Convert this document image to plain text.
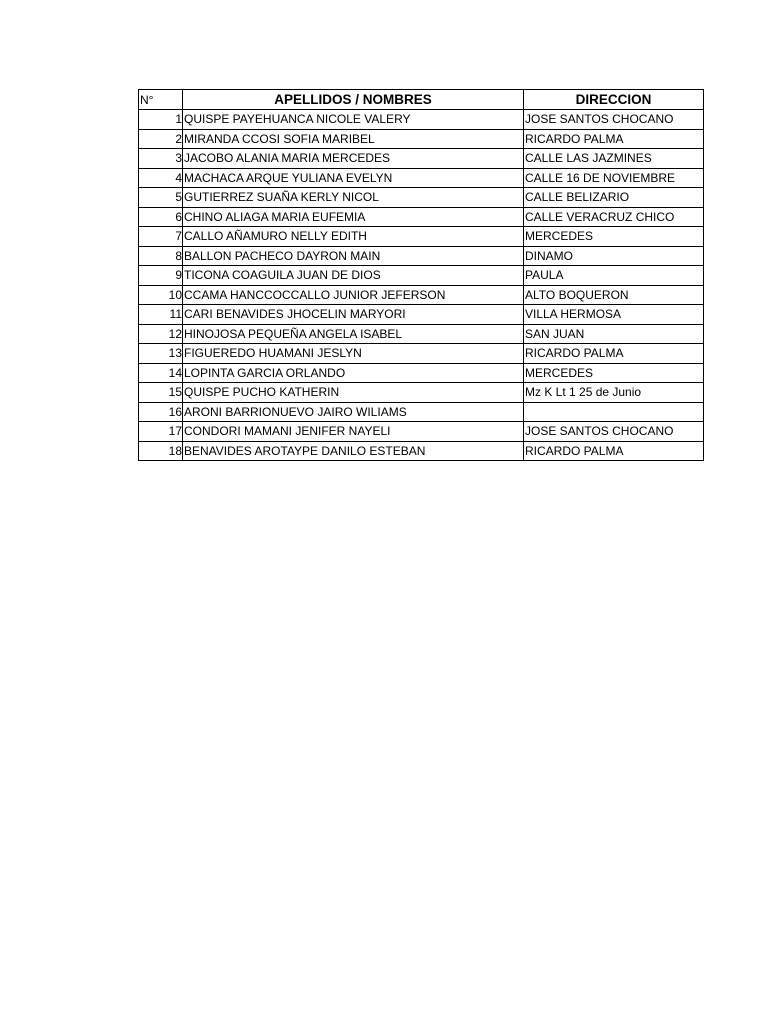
N°	APELLIDOS / NOMBRES	DIRECCION
1	QUISPE PAYEHUANCA NICOLE VALERY	JOSE SANTOS CHOCANO
2	MIRANDA CCOSI SOFIA MARIBEL	RICARDO PALMA
3	JACOBO ALANIA MARIA MERCEDES	CALLE LAS JAZMINES
4	MACHACA ARQUE YULIANA EVELYN	CALLE 16 DE NOVIEMBRE
5	GUTIERREZ SUAÑA KERLY NICOL	CALLE BELIZARIO
6	CHINO ALIAGA MARIA EUFEMIA	CALLE VERACRUZ CHICO
7	CALLO AÑAMURO NELLY EDITH	MERCEDES
8	BALLON PACHECO DAYRON MAIN	DINAMO
9	TICONA COAGUILA JUAN DE DIOS	PAULA
10	CCAMA HANCCOCCALLO JUNIOR JEFERSON	ALTO BOQUERON
11	CARI BENAVIDES JHOCELIN MARYORI	VILLA HERMOSA
12	HINOJOSA PEQUEÑA ANGELA ISABEL	SAN JUAN
13	FIGUEREDO HUAMANI JESLYN	RICARDO PALMA
14	LOPINTA GARCIA ORLANDO	MERCEDES
15	QUISPE PUCHO KATHERIN	Mz K Lt 1 25 de Junio
16	ARONI BARRIONUEVO JAIRO WILIAMS	
17	CONDORI MAMANI JENIFER NAYELI	JOSE SANTOS CHOCANO
18	BENAVIDES AROTAYPE DANILO ESTEBAN	RICARDO PALMA
